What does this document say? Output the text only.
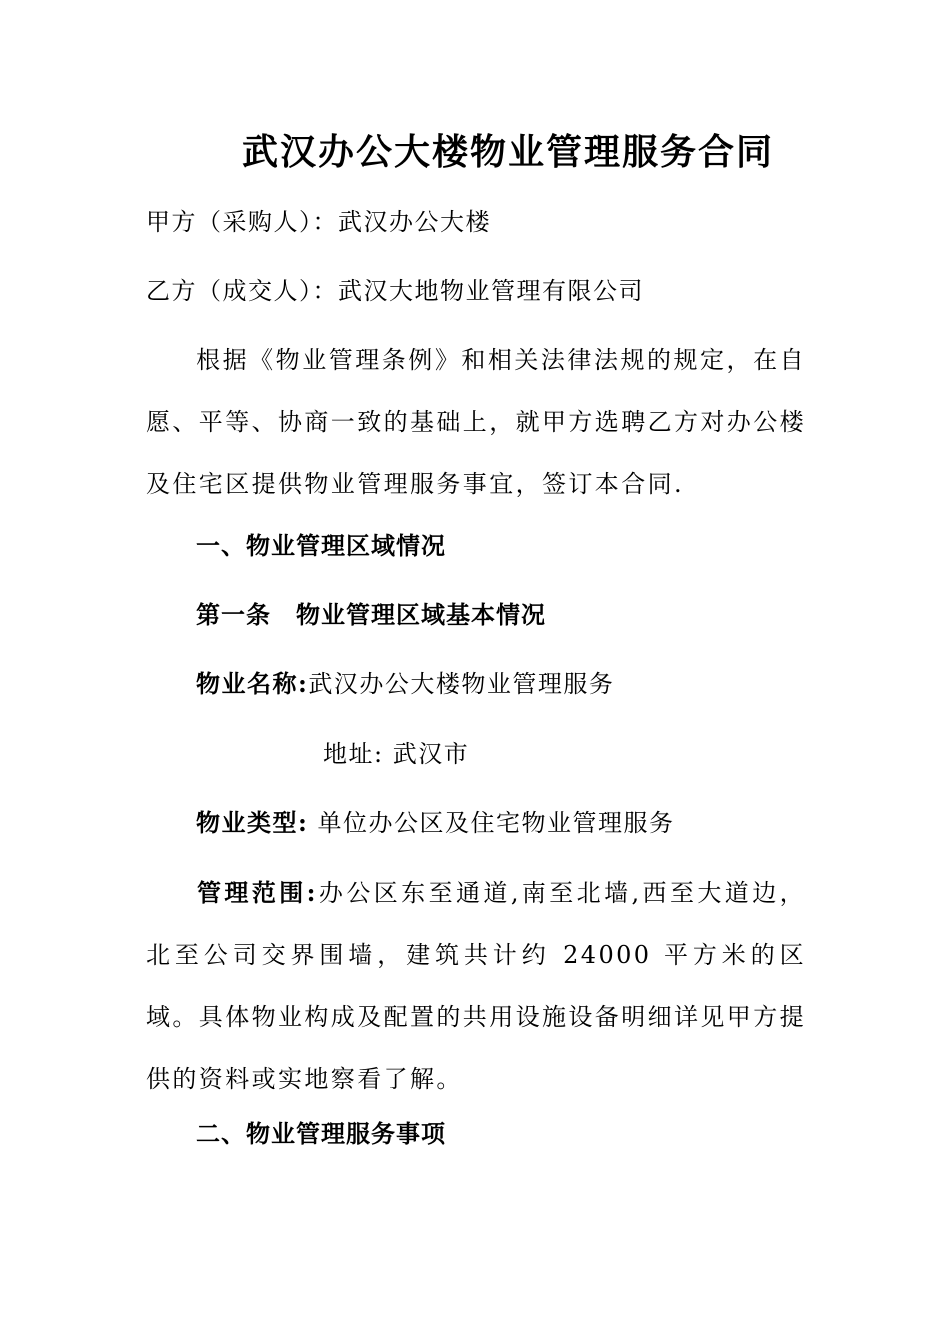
武汉办公大楼物业管理服务合同
甲方（采购人）：武汉办公大楼
乙方（成交人）：武汉大地物业管理有限公司
根据《物业管理条例》和相关法律法规的规定，在自愿、平等、协商一致的基础上，就甲方选聘乙方对办公楼及住宅区提供物业管理服务事宜，签订本合同.
一、物业管理区域情况
第一条　物业管理区域基本情况
物业名称:武汉办公大楼物业管理服务
地址: 武汉市
物业类型: 单位办公区及住宅物业管理服务
管理范围:办公区东至通道,南至北墙,西至大道边，北至公司交界围墙，建筑共计约 24000 平方米的区域。具体物业构成及配置的共用设施设备明细详见甲方提供的资料或实地察看了解。
二、物业管理服务事项
